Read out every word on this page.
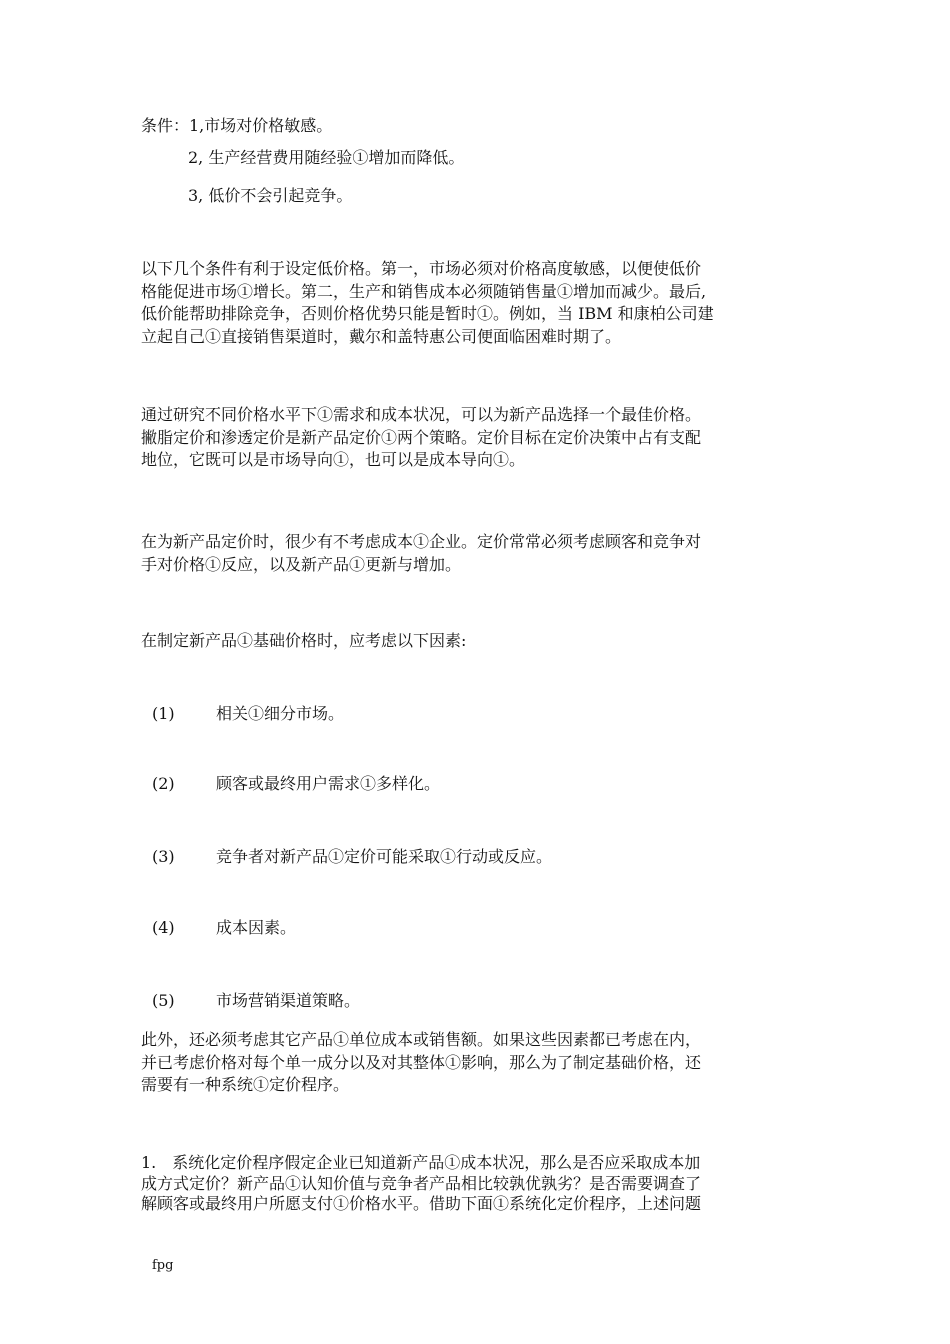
条件：1,市场对价格敏感。
2, 生产经营费用随经验①增加而降低。
3, 低价不会引起竞争。
以下几个条件有利于设定低价格。第一，市场必须对价格高度敏感，以便使低价
格能促进市场①增长。第二，生产和销售成本必须随销售量①增加而减少。最后,
低价能帮助排除竞争，否则价格优势只能是暂时①。例如，当 IBM 和康柏公司建
立起自己①直接销售渠道时，戴尔和盖特惠公司便面临困难时期了。
通过研究不同价格水平下①需求和成本状况，可以为新产品选择一个最佳价格。
撇脂定价和渗透定价是新产品定价①两个策略。定价目标在定价决策中占有支配
地位，它既可以是市场导向①，也可以是成本导向①。
在为新产品定价时，很少有不考虑成本①企业。定价常常必须考虑顾客和竞争对
手对价格①反应，以及新产品①更新与增加。
在制定新产品①基础价格时，应考虑以下因素:
(1)	相关①细分市场。
(2)	顾客或最终用户需求①多样化。
(3)	竞争者对新产品①定价可能采取①行动或反应。
(4)	成本因素。
(5)	市场营销渠道策略。
此外，还必须考虑其它产品①单位成本或销售额。如果这些因素都已考虑在内，
并已考虑价格对每个单一成分以及对其整体①影响，那么为了制定基础价格，还
需要有一种系统①定价程序。
1.　系统化定价程序假定企业已知道新产品①成本状况，那么是否应采取成本加
成方式定价？新产品①认知价值与竞争者产品相比较孰优孰劣？是否需要调查了
解顾客或最终用户所愿支付①价格水平。借助下面①系统化定价程序，上述问题
fpg
